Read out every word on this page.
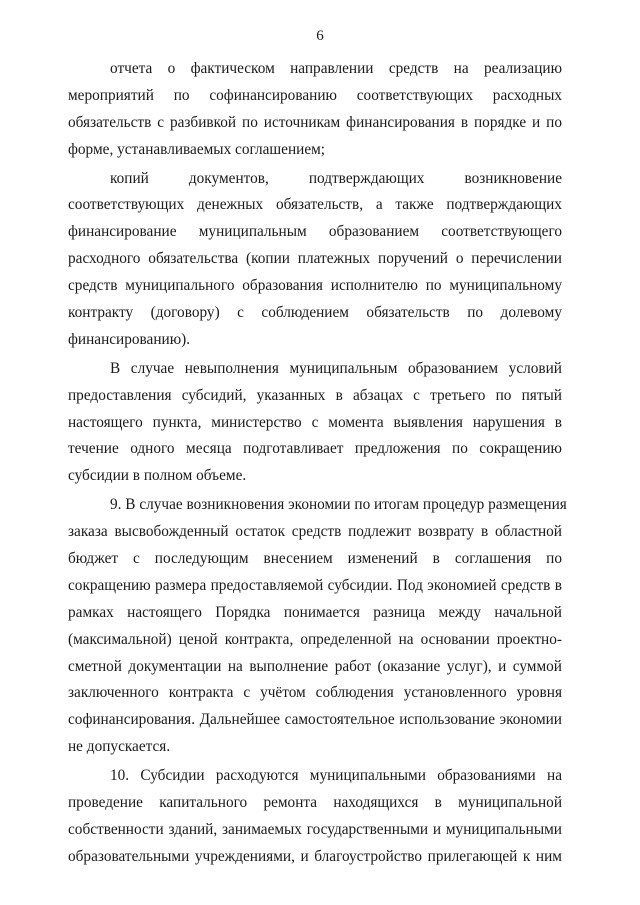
6
отчета о фактическом направлении средств на реализацию
мероприятий по софинансированию соответствующих расходных
обязательств с разбивкой по источникам финансирования в порядке и по
форме, устанавливаемых соглашением;
копий документов, подтверждающих возникновение
соответствующих денежных обязательств, а также подтверждающих
финансирование муниципальным образованием соответствующего
расходного обязательства (копии платежных поручений о перечислении
средств муниципального образования исполнителю по муниципальному
контракту (договору) с соблюдением обязательств по долевому
финансированию).
В случае невыполнения муниципальным образованием условий
предоставления субсидий, указанных в абзацах с третьего по пятый
настоящего пункта, министерство с момента выявления нарушения в
течение одного месяца подготавливает предложения по сокращению
субсидии в полном объеме.
9. В случае возникновения экономии по итогам процедур размещения
заказа высвобожденный остаток средств подлежит возврату в областной
бюджет с последующим внесением изменений в соглашения по
сокращению размера предоставляемой субсидии. Под экономией средств в
рамках настоящего Порядка понимается разница между начальной
(максимальной) ценой контракта, определенной на основании проектно-
сметной документации на выполнение работ (оказание услуг), и суммой
заключенного контракта с учётом соблюдения установленного уровня
софинансирования. Дальнейшее самостоятельное использование экономии
не допускается.
10. Субсидии расходуются муниципальными образованиями на
проведение капитального ремонта находящихся в муниципальной
собственности зданий, занимаемых государственными и муниципальными
образовательными учреждениями, и благоустройство прилегающей к ним
